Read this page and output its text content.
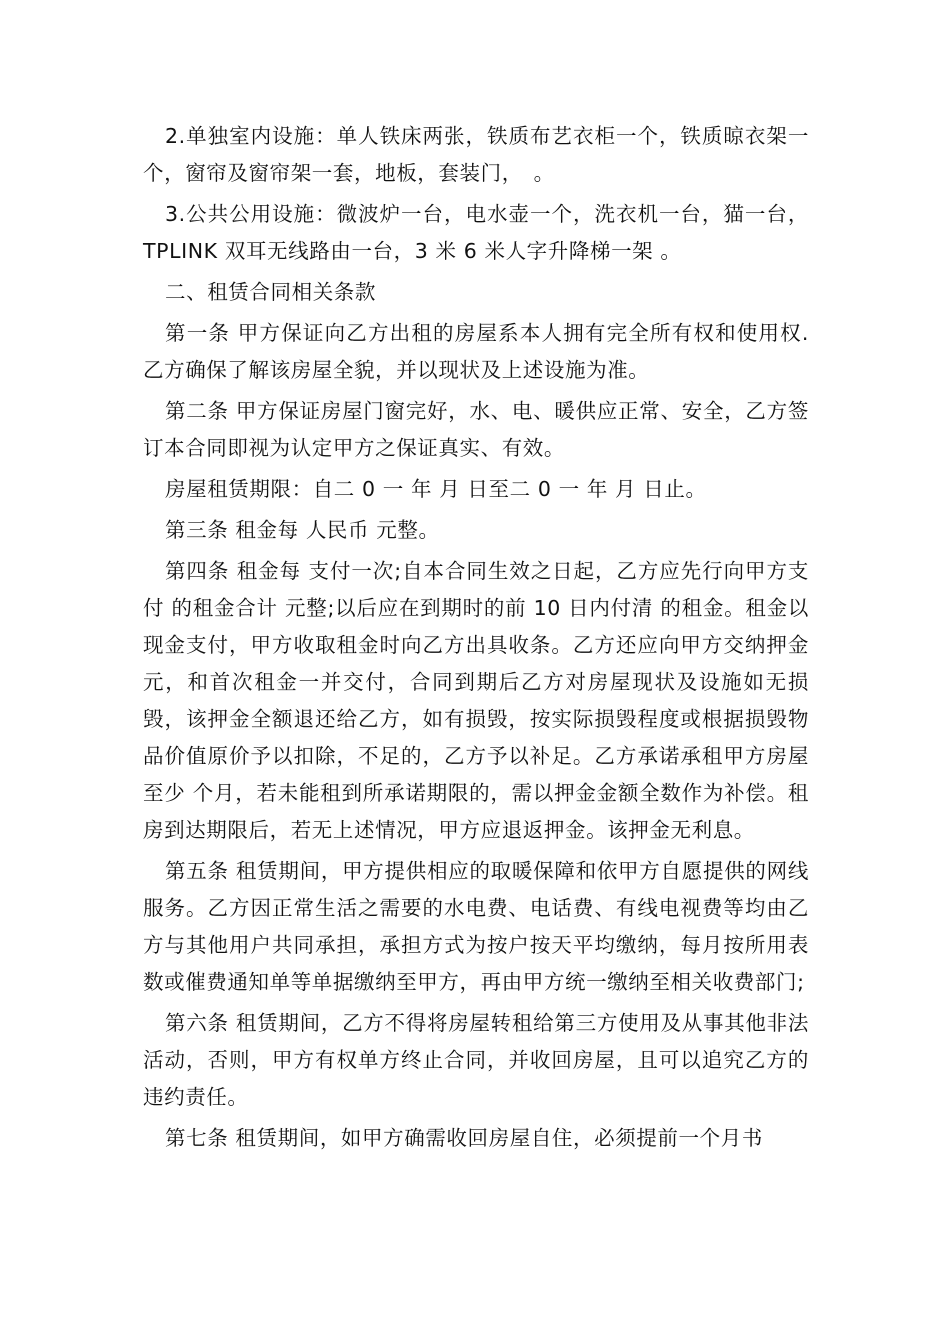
2.单独室内设施：单人铁床两张，铁质布艺衣柜一个，铁质晾衣架一个，窗帘及窗帘架一套，地板，套装门，　。

3.公共公用设施：微波炉一台，电水壶一个，洗衣机一台，猫一台，TPLINK 双耳无线路由一台，3 米 6 米人字升降梯一架 。

二、租赁合同相关条款

第一条 甲方保证向乙方出租的房屋系本人拥有完全所有权和使用权.乙方确保了解该房屋全貌，并以现状及上述设施为准。

第二条 甲方保证房屋门窗完好，水、电、暖供应正常、安全，乙方签订本合同即视为认定甲方之保证真实、有效。

房屋租赁期限：自二 0 一 年 月 日至二 0 一 年 月 日止。

第三条 租金每 人民币 元整。

第四条 租金每 支付一次;自本合同生效之日起，乙方应先行向甲方支付 的租金合计 元整;以后应在到期时的前 10 日内付清 的租金。租金以现金支付，甲方收取租金时向乙方出具收条。乙方还应向甲方交纳押金 元，和首次租金一并交付，合同到期后乙方对房屋现状及设施如无损毁，该押金全额退还给乙方，如有损毁，按实际损毁程度或根据损毁物品价值原价予以扣除，不足的，乙方予以补足。乙方承诺承租甲方房屋至少 个月，若未能租到所承诺期限的，需以押金金额全数作为补偿。租房到达期限后，若无上述情况，甲方应退返押金。该押金无利息。

第五条 租赁期间，甲方提供相应的取暖保障和依甲方自愿提供的网线服务。乙方因正常生活之需要的水电费、电话费、有线电视费等均由乙方与其他用户共同承担，承担方式为按户按天平均缴纳，每月按所用表数或催费通知单等单据缴纳至甲方，再由甲方统一缴纳至相关收费部门;

第六条 租赁期间，乙方不得将房屋转租给第三方使用及从事其他非法活动，否则，甲方有权单方终止合同，并收回房屋，且可以追究乙方的违约责任。

第七条 租赁期间，如甲方确需收回房屋自住，必须提前一个月书
